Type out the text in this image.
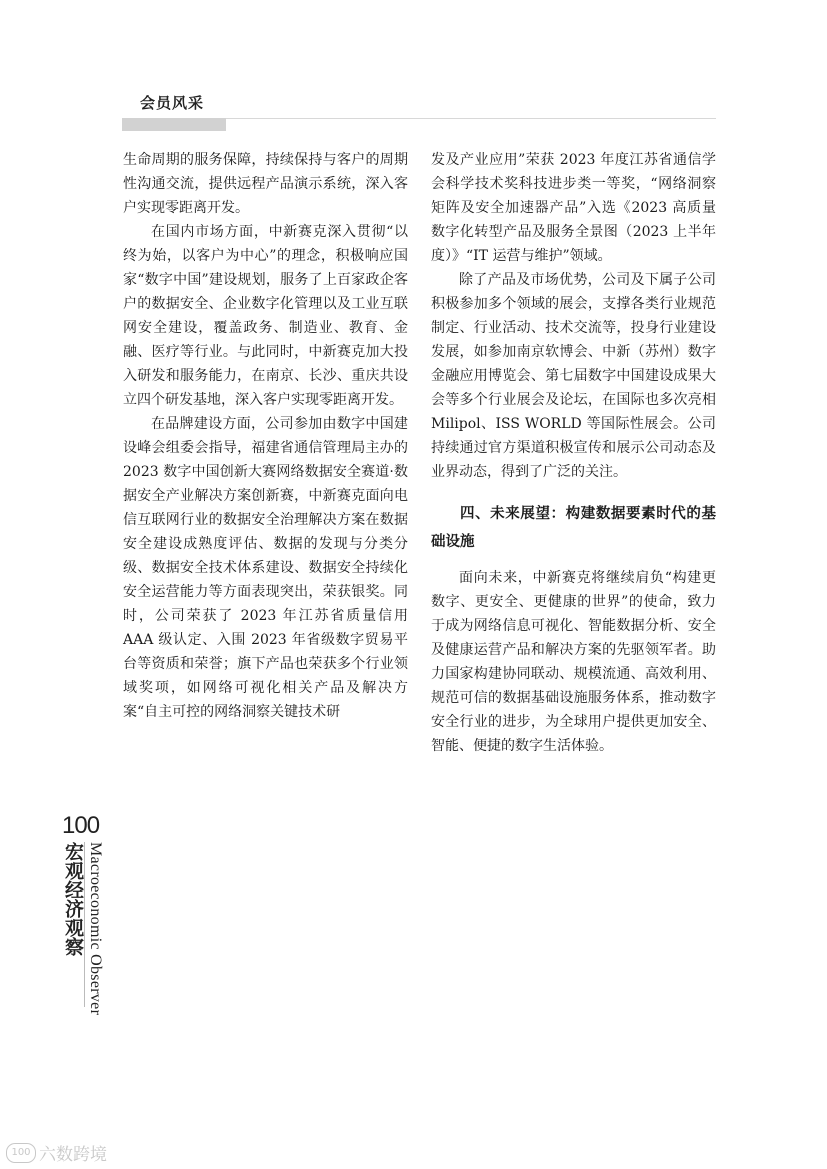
会员风采

生命周期的服务保障，持续保持与客户的周期性沟通交流，提供远程产品演示系统，深入客户实现零距离开发。

在国内市场方面，中新赛克深入贯彻“以终为始，以客户为中心”的理念，积极响应国家“数字中国”建设规划，服务了上百家政企客户的数据安全、企业数字化管理以及工业互联网安全建设，覆盖政务、制造业、教育、金融、医疗等行业。与此同时，中新赛克加大投入研发和服务能力，在南京、长沙、重庆共设立四个研发基地，深入客户实现零距离开发。

在品牌建设方面，公司参加由数字中国建设峰会组委会指导，福建省通信管理局主办的 2023 数字中国创新大赛网络数据安全赛道·数据安全产业解决方案创新赛，中新赛克面向电信互联网行业的数据安全治理解决方案在数据安全建设成熟度评估、数据的发现与分类分级、数据安全技术体系建设、数据安全持续化安全运营能力等方面表现突出，荣获银奖。同时，公司荣获了 2023 年江苏省质量信用 AAA 级认定、入围 2023 年省级数字贸易平台等资质和荣誉；旗下产品也荣获多个行业领域奖项，如网络可视化相关产品及解决方案“自主可控的网络洞察关键技术研

发及产业应用”荣获 2023 年度江苏省通信学会科学技术奖科技进步类一等奖，“网络洞察矩阵及安全加速器产品”入选《2023 高质量数字化转型产品及服务全景图（2023 上半年度）》“IT 运营与维护”领域。

除了产品及市场优势，公司及下属子公司积极参加多个领域的展会，支撑各类行业规范制定、行业活动、技术交流等，投身行业建设发展，如参加南京软博会、中新（苏州）数字金融应用博览会、第七届数字中国建设成果大会等多个行业展会及论坛，在国际也多次亮相 Milipol、ISS WORLD 等国际性展会。公司持续通过官方渠道积极宣传和展示公司动态及业界动态，得到了广泛的关注。

四、未来展望：构建数据要素时代的基础设施

面向未来，中新赛克将继续肩负“构建更数字、更安全、更健康的世界”的使命，致力于成为网络信息可视化、智能数据分析、安全及健康运营产品和解决方案的先驱领军者。助力国家构建协同联动、规模流通、高效利用、规范可信的数据基础设施服务体系，推动数字安全行业的进步，为全球用户提供更加安全、智能、便捷的数字生活体验。

100
宏观经济观察 Macroeconomic Observer
100 六数跨境
